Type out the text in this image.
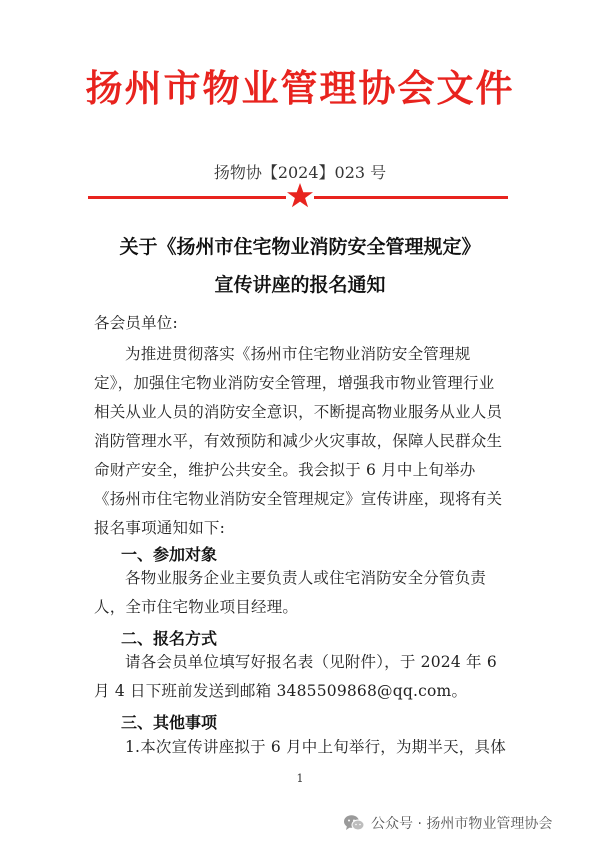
扬州市物业管理协会文件
扬物协【2024】023 号
关于《扬州市住宅物业消防安全管理规定》
宣传讲座的报名通知
各会员单位:
为推进贯彻落实《扬州市住宅物业消防安全管理规定》，加强住宅物业消防安全管理，增强我市物业管理行业相关从业人员的消防安全意识，不断提高物业服务从业人员消防管理水平，有效预防和减少火灾事故，保障人民群众生命财产安全，维护公共安全。我会拟于 6 月中上旬举办《扬州市住宅物业消防安全管理规定》宣传讲座，现将有关报名事项通知如下:
一、参加对象
各物业服务企业主要负责人或住宅消防安全分管负责人，全市住宅物业项目经理。
二、报名方式
请各会员单位填写好报名表（见附件），于 2024 年 6 月 4 日下班前发送到邮箱 3485509868@qq.com。
三、其他事项
1.本次宣传讲座拟于 6 月中上旬举行，为期半天，具体
1
公众号 · 扬州市物业管理协会
